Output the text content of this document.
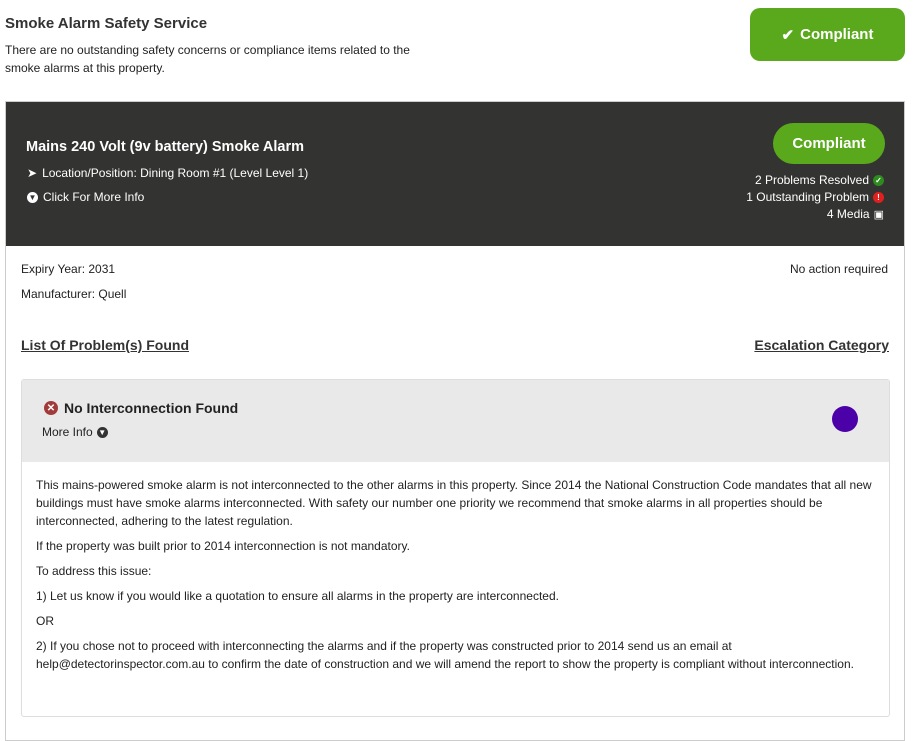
Smoke Alarm Safety Service
There are no outstanding safety concerns or compliance items related to the smoke alarms at this property.
✔ Compliant
Mains 240 Volt (9v battery) Smoke Alarm
➤ Location/Position: Dining Room #1 (Level Level 1)
▼ Click For More Info
Compliant
2 Problems Resolved ✓
1 Outstanding Problem	!
4 Media ▣
Expiry Year: 2031
Manufacturer: Quell
No action required
List Of Problem(s) Found	Escalation Category
✕ No Interconnection Found
More Info ▼

This mains-powered smoke alarm is not interconnected to the other alarms in this property. Since 2014 the National Construction Code mandates that all new buildings must have smoke alarms interconnected. With safety our number one priority we recommend that smoke alarms in all properties should be interconnected, adhering to the latest regulation.

If the property was built prior to 2014 interconnection is not mandatory.

To address this issue:

1) Let us know if you would like a quotation to ensure all alarms in the property are interconnected.

OR

2) If you chose not to proceed with interconnecting the alarms and if the property was constructed prior to 2014 send us an email at help@detectorinspector.com.au to confirm the date of construction and we will amend the report to show the property is compliant without interconnection.
